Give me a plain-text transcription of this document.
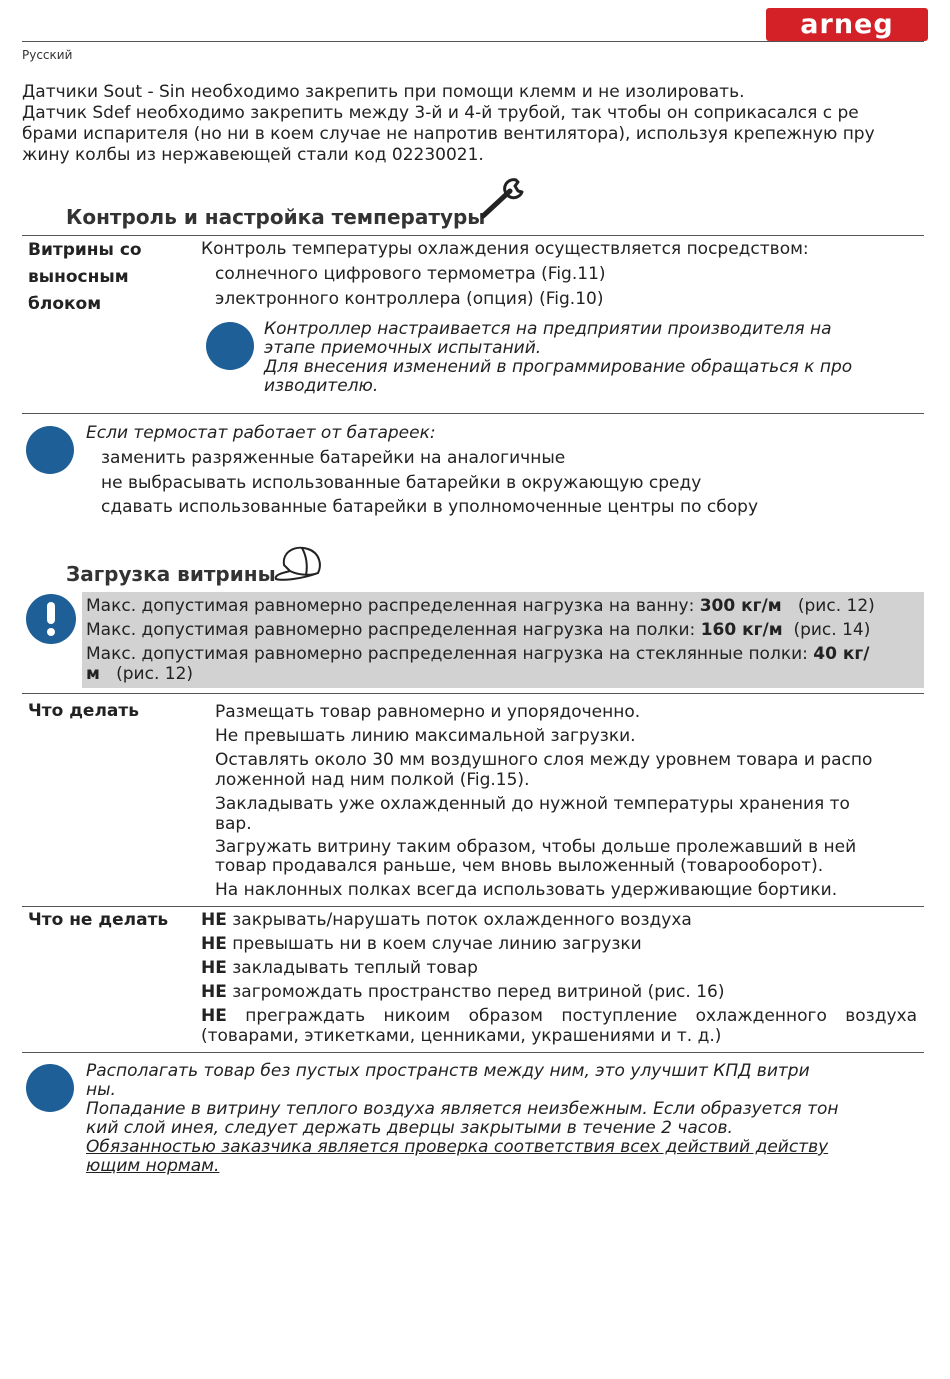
arneg
Русский
Датчики Sout - Sin необходимо закрепить при помощи клемм и не изолировать.
Датчик Sdef необходимо закрепить между 3-й и 4-й трубой, так чтобы он соприкасался с ре
брами испарителя (но ни в коем случае не напротив вентилятора), используя крепежную пру
жину колбы из нержавеющей стали код 02230021.
Контроль и настройка температуры
Витрины со
выносным
блоком
Контроль температуры охлаждения осуществляется посредством:
солнечного цифрового термометра (Fig.11)
электронного контроллера (опция) (Fig.10)
Контроллер настраивается на предприятии производителя на
этапе приемочных испытаний.
Для внесения изменений в программирование обращаться к про
изводителю.
Если термостат работает от батареек:
заменить разряженные батарейки на аналогичные
не выбрасывать использованные батарейки в окружающую среду
сдавать использованные батарейки в уполномоченные центры по сбору
Загрузка витрины
Макс. допустимая равномерно распределенная нагрузка на ванну: 300 кг/м (рис. 12)
Макс. допустимая равномерно распределенная нагрузка на полки: 160 кг/м (рис. 14)
Макс. допустимая равномерно распределенная нагрузка на стеклянные полки: 40 кг/
м (рис. 12)
Что делать	Размещать товар равномерно и упорядоченно.
Не превышать линию максимальной загрузки.
Оставлять около 30 мм воздушного слоя между уровнем товара и распо
ложенной над ним полкой (Fig.15).
Закладывать уже охлажденный до нужной температуры хранения то
вар.
Загружать витрину таким образом, чтобы дольше пролежавший в ней
товар продавался раньше, чем вновь выложенный (товарооборот).
На наклонных полках всегда использовать удерживающие бортики.
Что не делать НЕ закрывать/нарушать поток охлажденного воздуха
НЕ превышать ни в коем случае линию загрузки
НЕ закладывать теплый товар
НЕ загромождать пространство перед витриной (рис. 16)
НЕ преграждать никоим образом поступление охлажденного воздуха
(товарами, этикетками, ценниками, украшениями и т. д.)
Располагать товар без пустых пространств между ним, это улучшит КПД витри
ны.
Попадание в витрину теплого воздуха является неизбежным. Если образуется тон
кий слой инея, следует держать дверцы закрытыми в течение 2 часов.
Обязанностью заказчика является проверка соответствия всех действий действу
ющим нормам.
